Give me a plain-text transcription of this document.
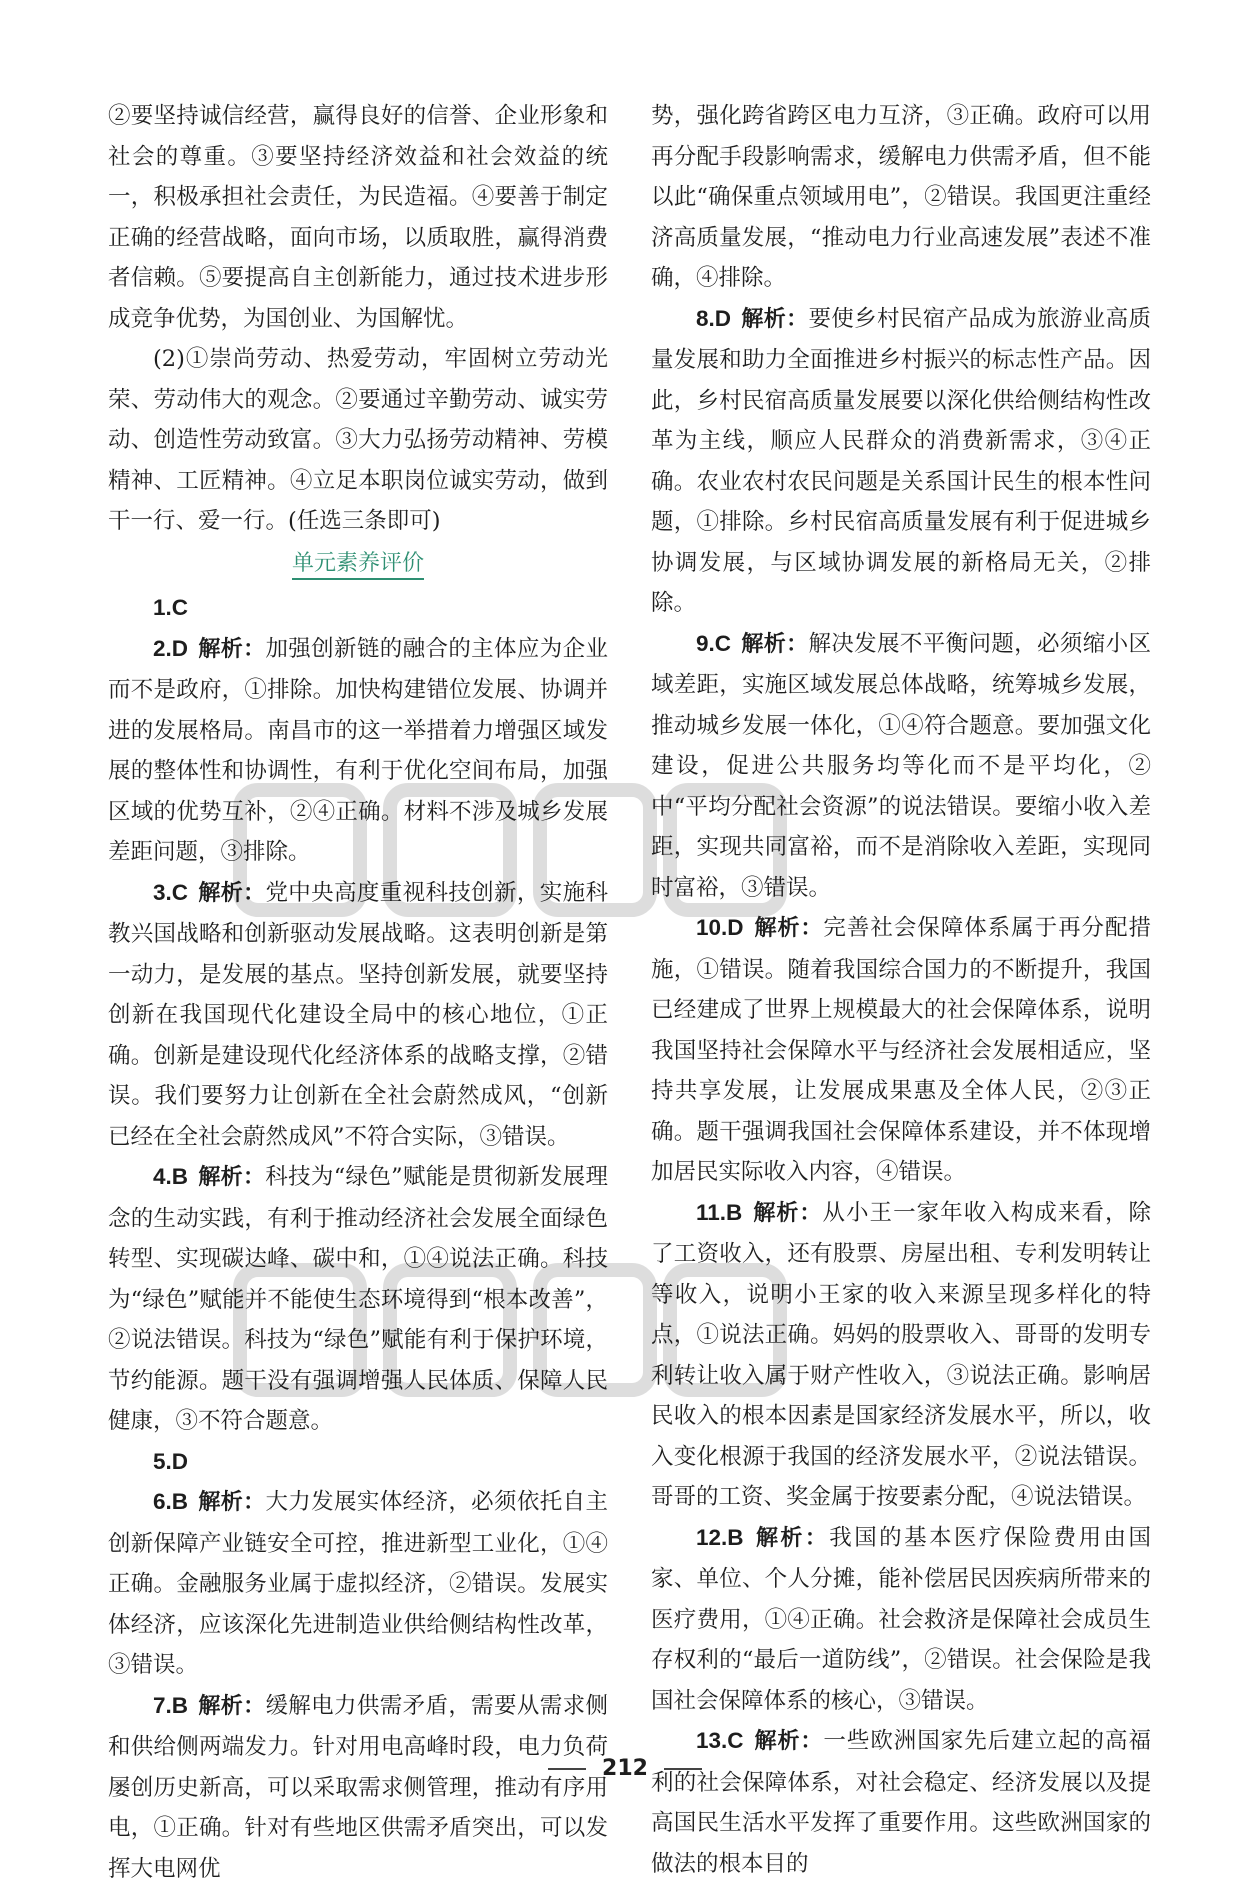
②要坚持诚信经营，赢得良好的信誉、企业形象和社会的尊重。③要坚持经济效益和社会效益的统一，积极承担社会责任，为民造福。④要善于制定正确的经营战略，面向市场，以质取胜，赢得消费者信赖。⑤要提高自主创新能力，通过技术进步形成竞争优势，为国创业、为国解忧。

(2)①崇尚劳动、热爱劳动，牢固树立劳动光荣、劳动伟大的观念。②要通过辛勤劳动、诚实劳动、创造性劳动致富。③大力弘扬劳动精神、劳模精神、工匠精神。④立足本职岗位诚实劳动，做到干一行、爱一行。(任选三条即可)

单元素养评价

1.C

2.D 解析：加强创新链的融合的主体应为企业而不是政府，①排除。加快构建错位发展、协调并进的发展格局。南昌市的这一举措着力增强区域发展的整体性和协调性，有利于优化空间布局，加强区域的优势互补，②④正确。材料不涉及城乡发展差距问题，③排除。

3.C 解析：党中央高度重视科技创新，实施科教兴国战略和创新驱动发展战略。这表明创新是第一动力，是发展的基点。坚持创新发展，就要坚持创新在我国现代化建设全局中的核心地位，①正确。创新是建设现代化经济体系的战略支撑，②错误。我们要努力让创新在全社会蔚然成风，“创新已经在全社会蔚然成风”不符合实际，③错误。

4.B 解析：科技为“绿色”赋能是贯彻新发展理念的生动实践，有利于推动经济社会发展全面绿色转型、实现碳达峰、碳中和，①④说法正确。科技为“绿色”赋能并不能使生态环境得到“根本改善”，②说法错误。科技为“绿色”赋能有利于保护环境，节约能源。题干没有强调增强人民体质、保障人民健康，③不符合题意。

5.D

6.B 解析：大力发展实体经济，必须依托自主创新保障产业链安全可控，推进新型工业化，①④正确。金融服务业属于虚拟经济，②错误。发展实体经济，应该深化先进制造业供给侧结构性改革，③错误。

7.B 解析：缓解电力供需矛盾，需要从需求侧和供给侧两端发力。针对用电高峰时段，电力负荷屡创历史新高，可以采取需求侧管理，推动有序用电，①正确。针对有些地区供需矛盾突出，可以发挥大电网优

势，强化跨省跨区电力互济，③正确。政府可以用再分配手段影响需求，缓解电力供需矛盾，但不能以此“确保重点领域用电”，②错误。我国更注重经济高质量发展，“推动电力行业高速发展”表述不准确，④排除。

8.D 解析：要使乡村民宿产品成为旅游业高质量发展和助力全面推进乡村振兴的标志性产品。因此，乡村民宿高质量发展要以深化供给侧结构性改革为主线，顺应人民群众的消费新需求，③④正确。农业农村农民问题是关系国计民生的根本性问题，①排除。乡村民宿高质量发展有利于促进城乡协调发展，与区域协调发展的新格局无关，②排除。

9.C 解析：解决发展不平衡问题，必须缩小区域差距，实施区域发展总体战略，统筹城乡发展，推动城乡发展一体化，①④符合题意。要加强文化建设，促进公共服务均等化而不是平均化，②中“平均分配社会资源”的说法错误。要缩小收入差距，实现共同富裕，而不是消除收入差距，实现同时富裕，③错误。

10.D 解析：完善社会保障体系属于再分配措施，①错误。随着我国综合国力的不断提升，我国已经建成了世界上规模最大的社会保障体系，说明我国坚持社会保障水平与经济社会发展相适应，坚持共享发展，让发展成果惠及全体人民，②③正确。题干强调我国社会保障体系建设，并不体现增加居民实际收入内容，④错误。

11.B 解析：从小王一家年收入构成来看，除了工资收入，还有股票、房屋出租、专利发明转让等收入，说明小王家的收入来源呈现多样化的特点，①说法正确。妈妈的股票收入、哥哥的发明专利转让收入属于财产性收入，③说法正确。影响居民收入的根本因素是国家经济发展水平，所以，收入变化根源于我国的经济发展水平，②说法错误。哥哥的工资、奖金属于按要素分配，④说法错误。

12.B 解析：我国的基本医疗保险费用由国家、单位、个人分摊，能补偿居民因疾病所带来的医疗费用，①④正确。社会救济是保障社会成员生存权利的“最后一道防线”，②错误。社会保险是我国社会保障体系的核心，③错误。

13.C 解析：一些欧洲国家先后建立起的高福利的社会保障体系，对社会稳定、经济发展以及提高国民生活水平发挥了重要作用。这些欧洲国家的做法的根本目的

212
